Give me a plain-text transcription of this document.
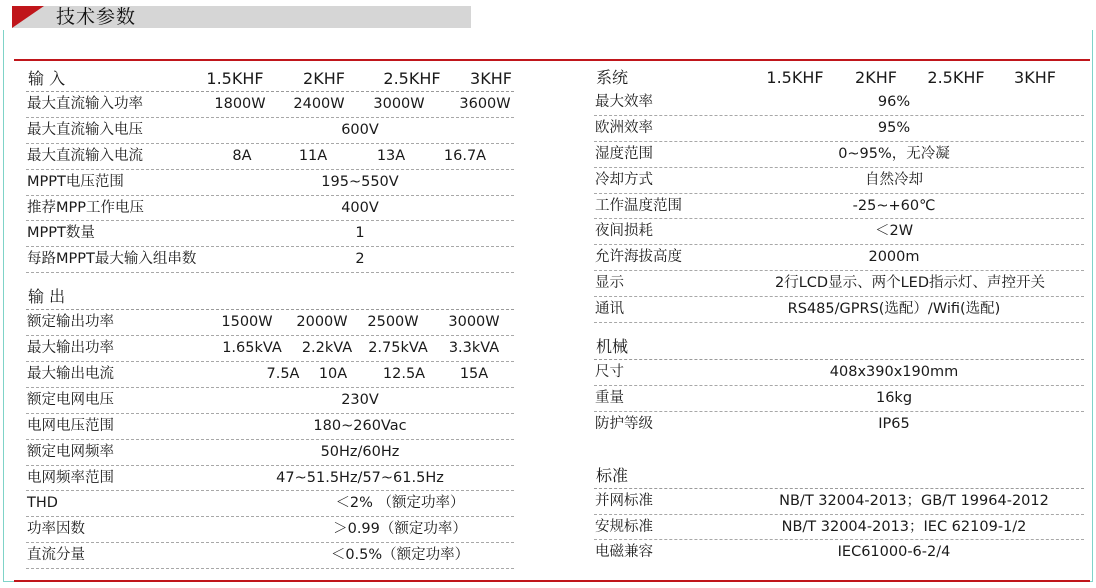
技术参数
输 入	1.5KHF	2KHF	2.5KHF	3KHF
最大直流输入功率	1800W	2400W	3000W	3600W
最大直流输入电压	600V
最大直流输入电流	8A	11A	13A	16.7A
MPPT电压范围	195~550V
推荐MPP工作电压	400V
MPPT数量	1
每路MPPT最大输入组串数	2
输 出
额定输出功率	1500W	2000W	2500W	3000W
最大输出功率	1.65kVA	2.2kVA	2.75kVA	3.3kVA
最大输出电流	7.5A	10A	12.5A	15A
额定电网电压	230V
电网电压范围	180~260Vac
额定电网频率	50Hz/60Hz
电网频率范围	47~51.5Hz/57~61.5Hz
THD	＜2% （额定功率）
功率因数	＞0.99（额定功率）
直流分量	＜0.5%（额定功率）
系统	1.5KHF	2KHF	2.5KHF	3KHF
最大效率	96%
欧洲效率	95%
湿度范围	0~95%，无冷凝
冷却方式	自然冷却
工作温度范围	-25~+60℃
夜间损耗	＜2W
允许海拔高度	2000m
显示	2行LCD显示、两个LED指示灯、声控开关
通讯	RS485/GPRS(选配）/Wifi(选配)
机械
尺寸	408x390x190mm
重量	16kg
防护等级	IP65
标准
并网标准	NB/T 32004-2013；GB/T 19964-2012
安规标准	NB/T 32004-2013；IEC 62109-1/2
电磁兼容	IEC61000-6-2/4
